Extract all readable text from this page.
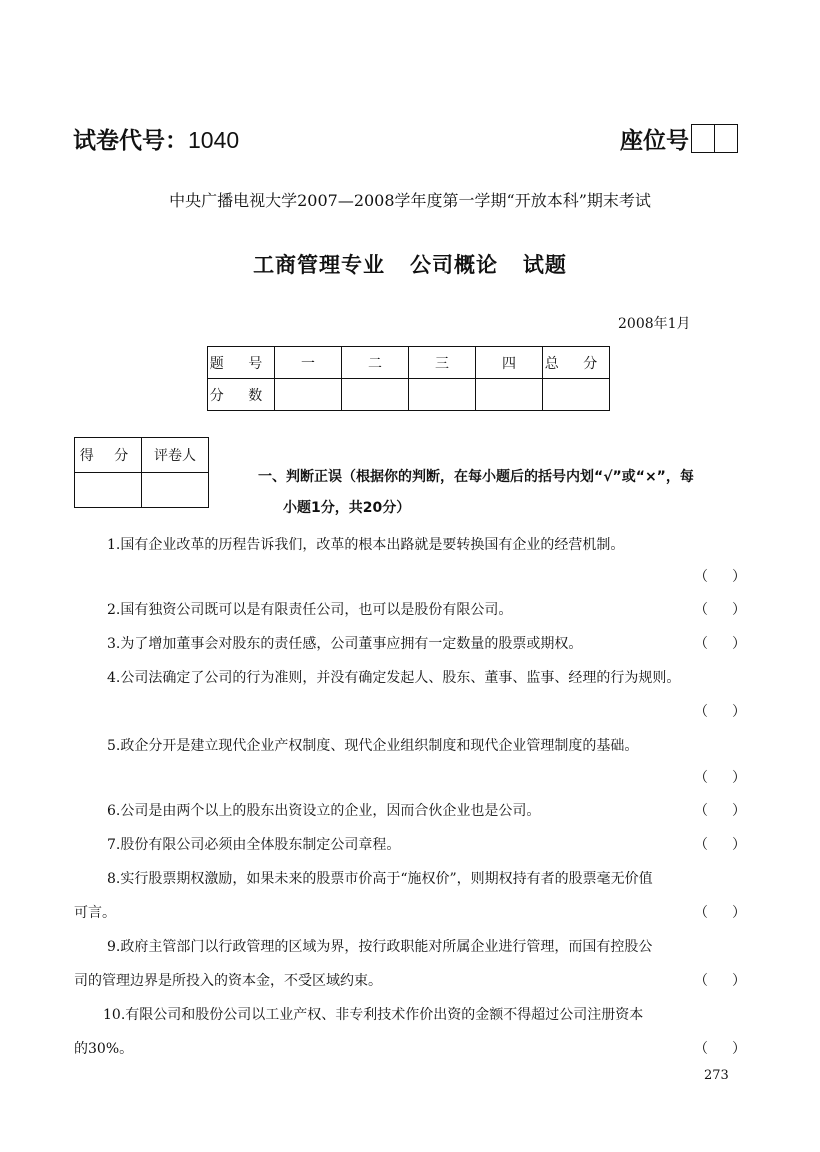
试卷代号：1040	座位号
中央广播电视大学2007—2008学年度第一学期“开放本科”期末考试
工商管理专业   公司概论   试题
2008年1月
题 号	一	二	三	四	总 分
分 数					
得 分	评卷人

一、判断正误（根据你的判断，在每小题后的括号内划“√”或“×”，每
小题1分，共20分）
1.国有企业改革的历程告诉我们，改革的根本出路就是要转换国有企业的经营机制。
（）
2.国有独资公司既可以是有限责任公司，也可以是股份有限公司。	（）
3.为了增加董事会对股东的责任感，公司董事应拥有一定数量的股票或期权。	（）
4.公司法确定了公司的行为准则，并没有确定发起人、股东、董事、监事、经理的行为规则。
（）
5.政企分开是建立现代企业产权制度、现代企业组织制度和现代企业管理制度的基础。
（）
6.公司是由两个以上的股东出资设立的企业，因而合伙企业也是公司。	（）
7.股份有限公司必须由全体股东制定公司章程。	（）
8.实行股票期权激励，如果未来的股票市价高于“施权价”，则期权持有者的股票毫无价值
可言。	（）
9.政府主管部门以行政管理的区域为界，按行政职能对所属企业进行管理，而国有控股公
司的管理边界是所投入的资本金，不受区域约束。	（）
10.有限公司和股份公司以工业产权、非专利技术作价出资的金额不得超过公司注册资本
的30%。	（）
273
